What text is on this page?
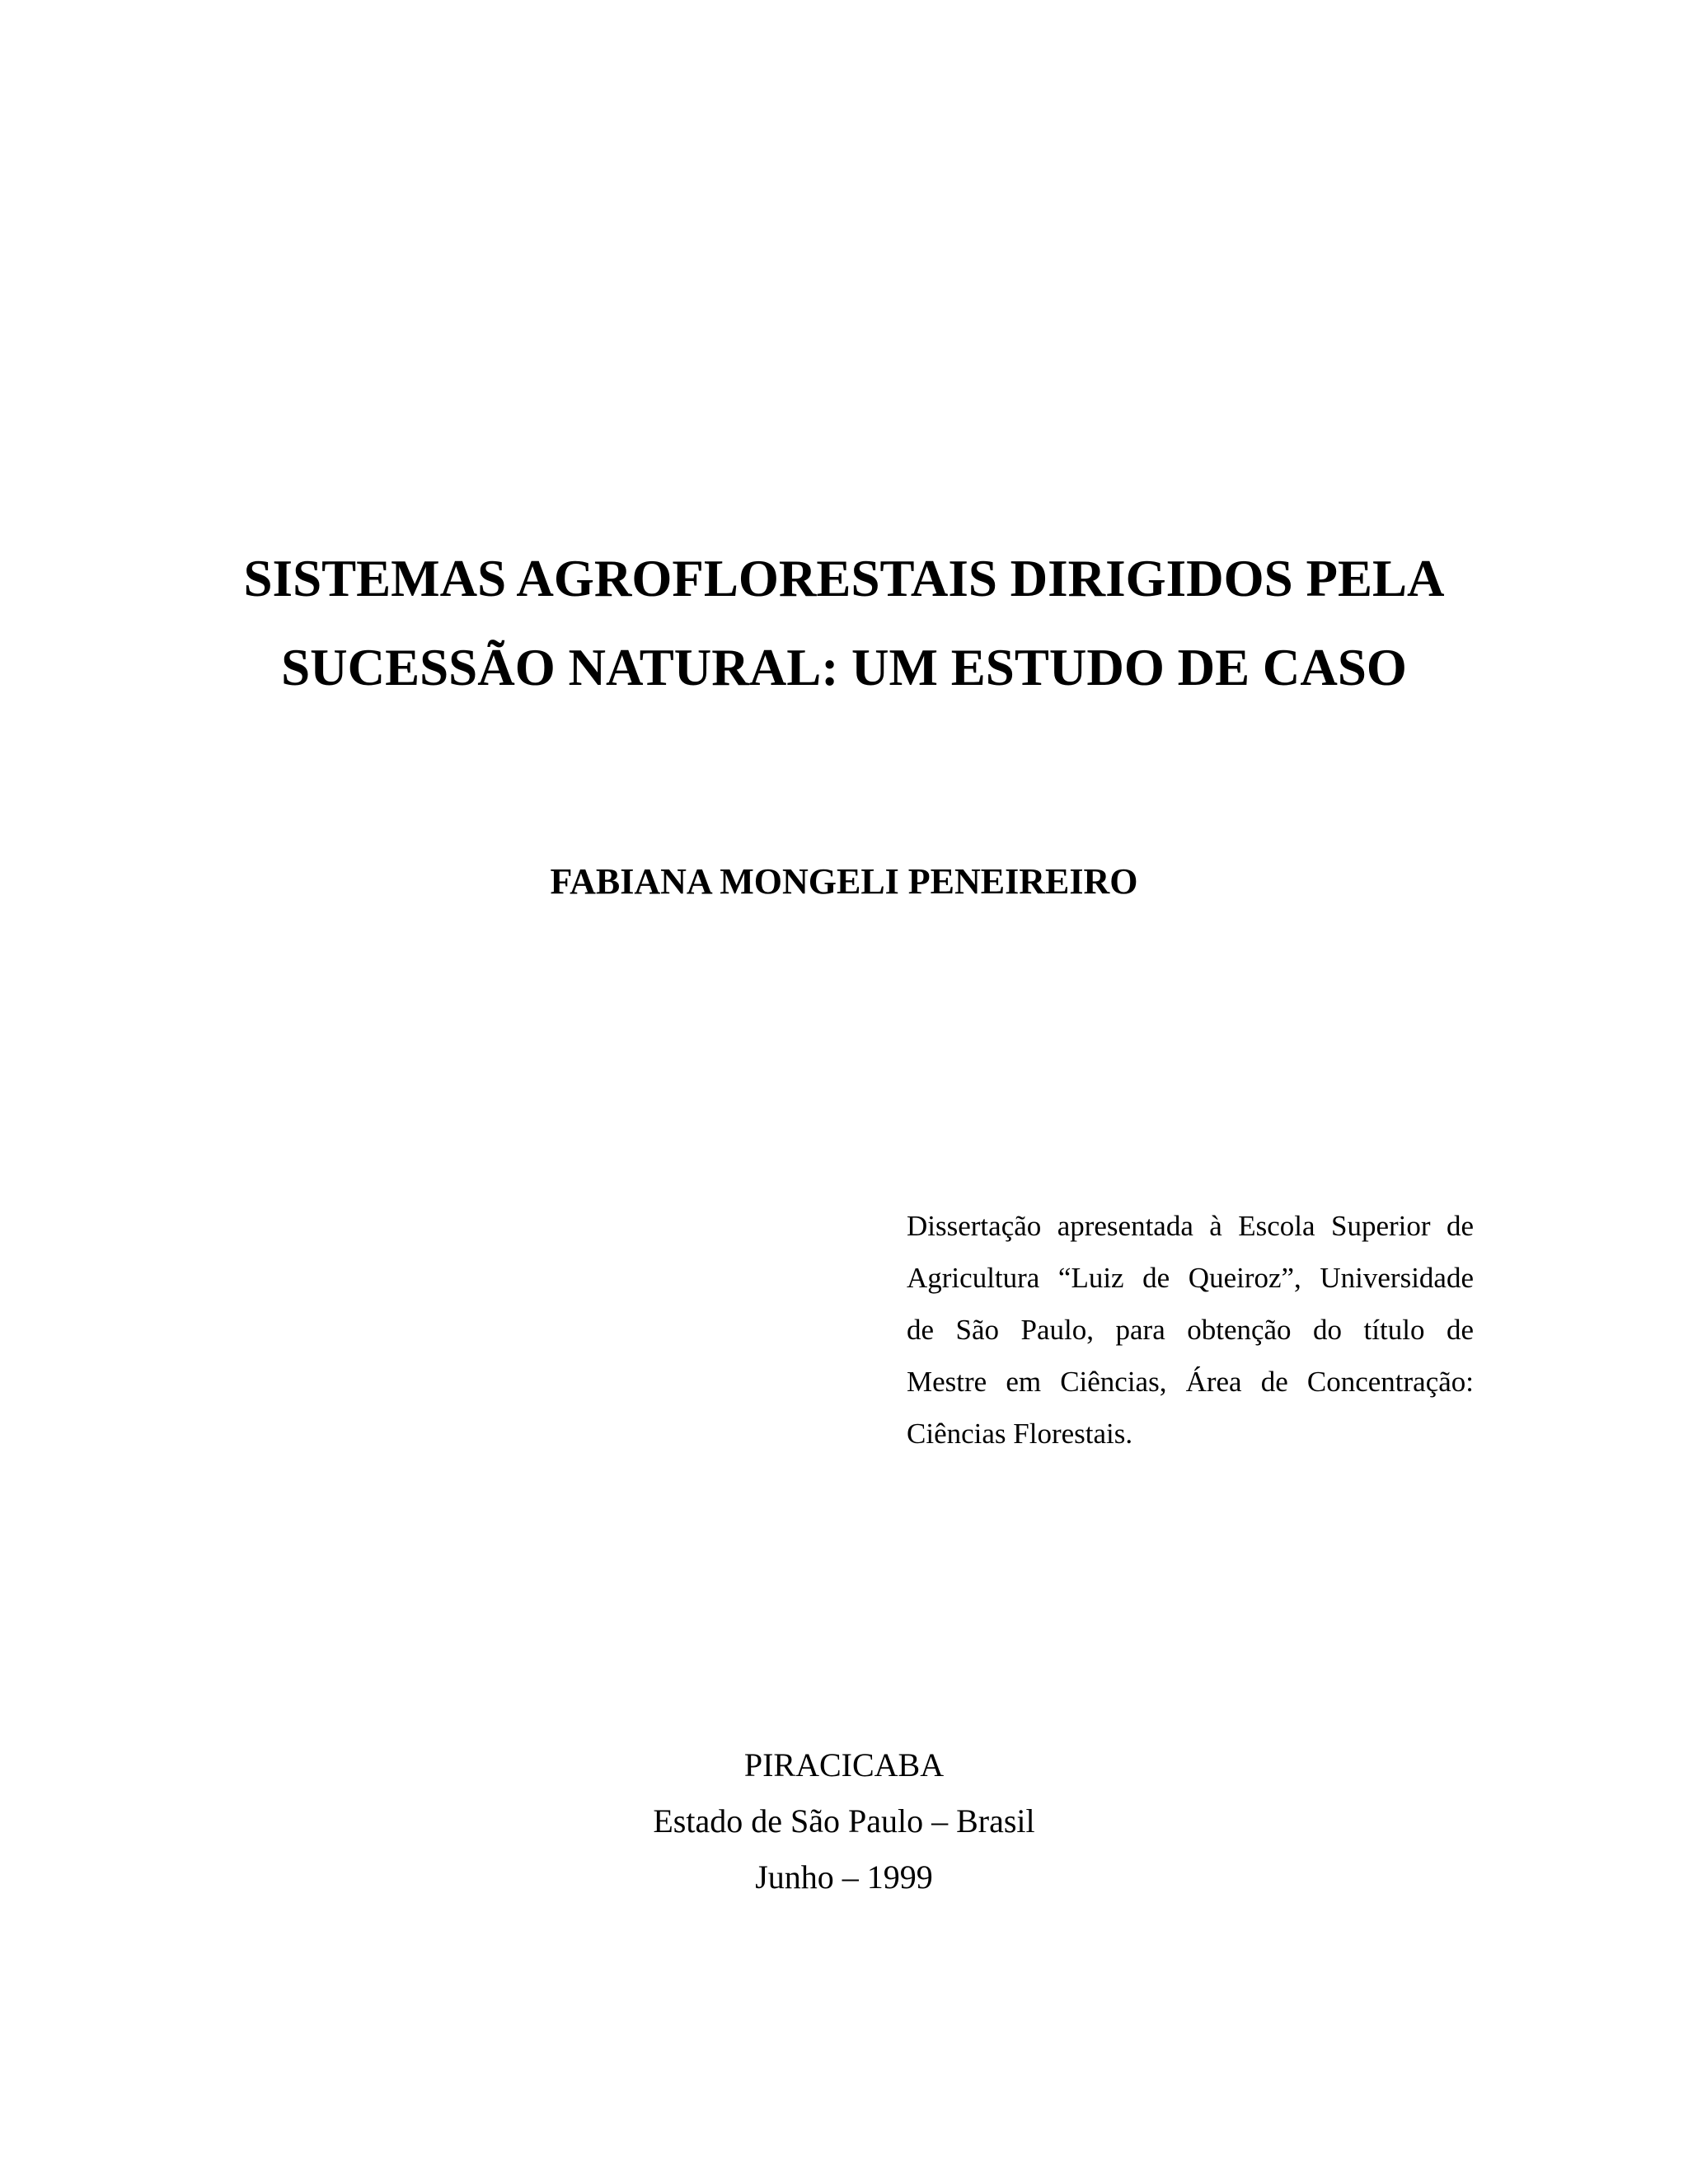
SISTEMAS AGROFLORESTAIS DIRIGIDOS PELA
SUCESSÃO NATURAL: UM ESTUDO DE CASO
FABIANA MONGELI PENEIREIRO
Dissertação apresentada à Escola Superior de
Agricultura “Luiz de Queiroz”, Universidade
de São Paulo, para obtenção do título de
Mestre em Ciências, Área de Concentração:
Ciências Florestais.
PIRACICABA
Estado de São Paulo – Brasil
Junho – 1999
